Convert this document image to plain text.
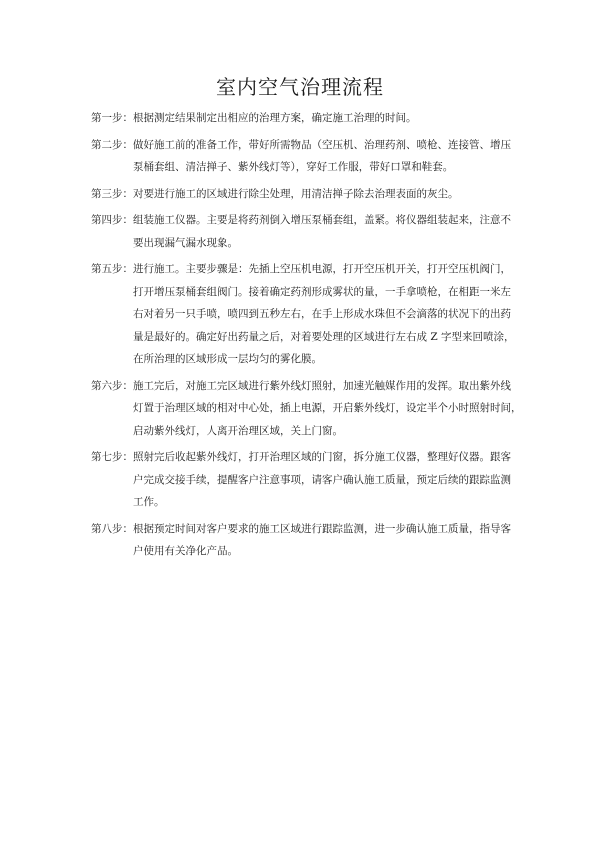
室内空气治理流程
第一步： 根据测定结果制定出相应的治理方案，确定施工治理的时间。
第二步： 做好施工前的准备工作，带好所需物品（空压机、治理药剂、喷枪、连接管、增压
泵桶套组、清洁掸子、紫外线灯等），穿好工作服，带好口罩和鞋套。
第三步： 对要进行施工的区域进行除尘处理，用清洁掸子除去治理表面的灰尘。
第四步： 组装施工仪器。主要是将药剂倒入增压泵桶套组，盖紧。将仪器组装起来，注意不
要出现漏气漏水现象。
第五步： 进行施工。主要步骤是：先插上空压机电源，打开空压机开关，打开空压机阀门，
打开增压泵桶套组阀门。接着确定药剂形成雾状的量，一手拿喷枪，在相距一米左
右对着另一只手喷，喷四到五秒左右，在手上形成水珠但不会滴落的状况下的出药
量是最好的。确定好出药量之后，对着要处理的区域进行左右成 Z 字型来回喷涂，
在所治理的区域形成一层均匀的雾化膜。
第六步： 施工完后，对施工完区域进行紫外线灯照射，加速光触媒作用的发挥。取出紫外线
灯置于治理区域的相对中心处，插上电源，开启紫外线灯，设定半个小时照射时间，
启动紫外线灯，人离开治理区域，关上门窗。
第七步： 照射完后收起紫外线灯，打开治理区域的门窗，拆分施工仪器，整理好仪器。跟客
户完成交接手续，提醒客户注意事项，请客户确认施工质量，预定后续的跟踪监测
工作。
第八步： 根据预定时间对客户要求的施工区域进行跟踪监测，进一步确认施工质量，指导客
户使用有关净化产品。
